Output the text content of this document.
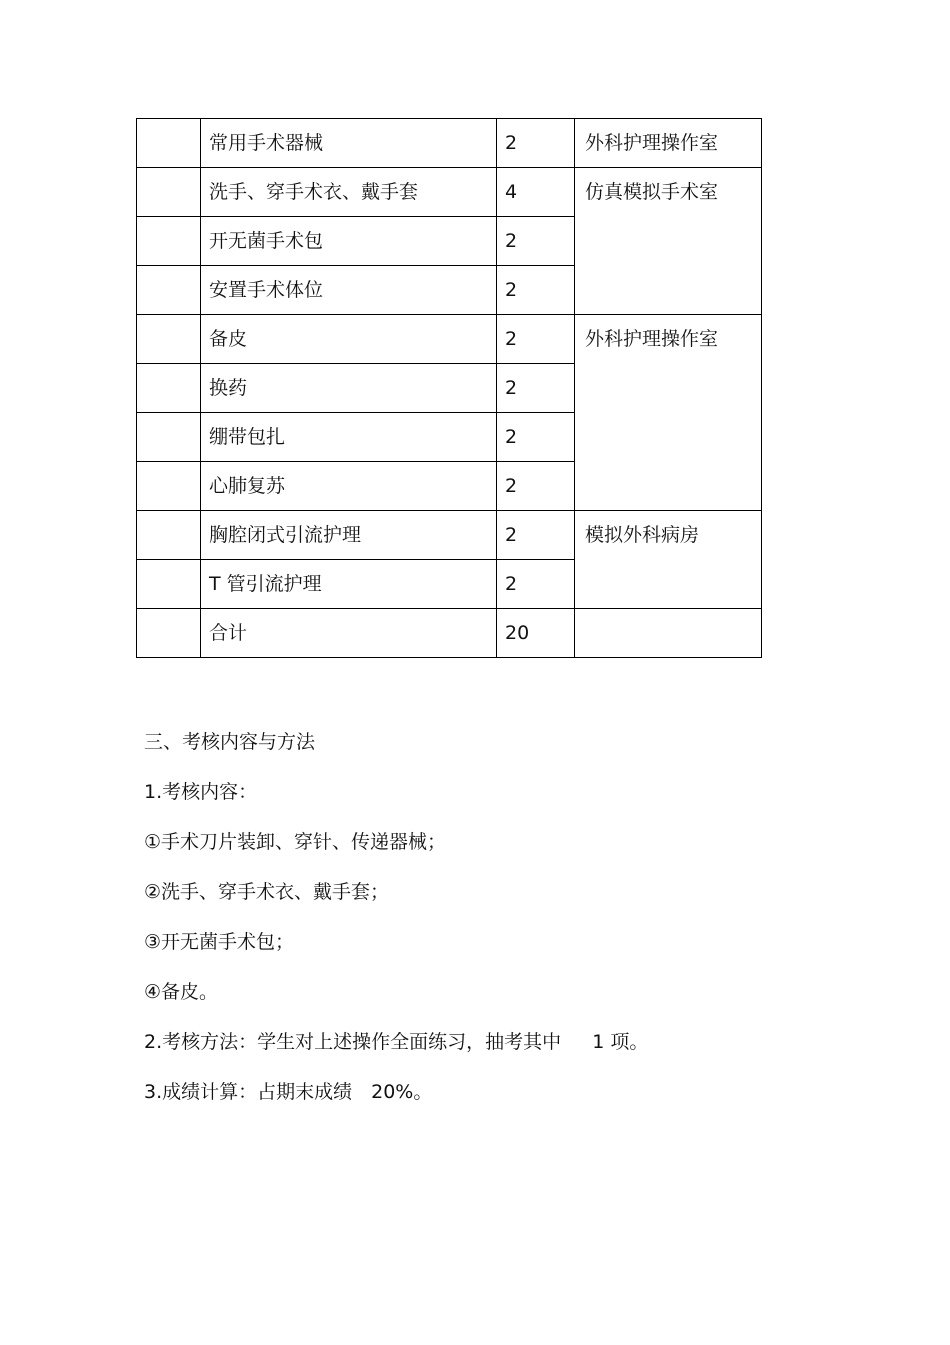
	常用手术器械	2	外科护理操作室
	洗手、穿手术衣、戴手套	4	仿真模拟手术室
	开无菌手术包	2	
	安置手术体位	2	
	备皮	2	外科护理操作室
	换药	2	
	绷带包扎	2	
	心肺复苏	2	
	胸腔闭式引流护理	2	模拟外科病房
	T 管引流护理	2	
	合计	20	

三、考核内容与方法

1.考核内容：

①手术刀片装卸、穿针、传递器械；

②洗手、穿手术衣、戴手套；

③开无菌手术包；

④备皮。

2.考核方法：学生对上述操作全面练习，抽考其中　  1 项。

3.成绩计算：占期末成绩　20%。
